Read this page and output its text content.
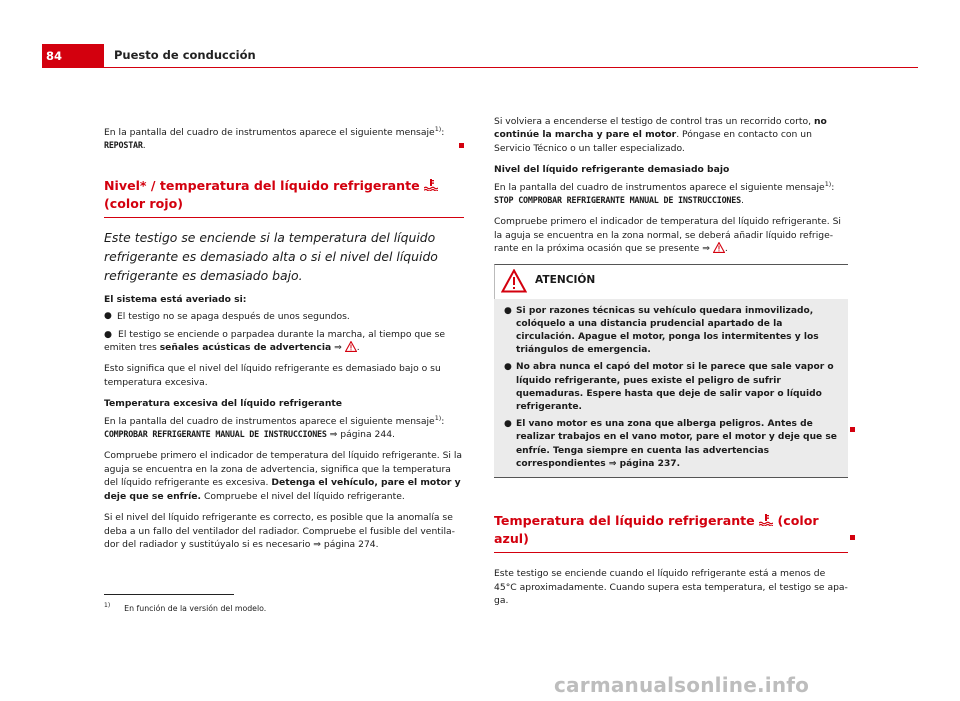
84	Puesto de conducción

En la pantalla del cuadro de instrumentos aparece el siguiente mensaje$^{1)}$:
REPOSTAR.

Nivel* / temperatura del líquido refrigerante  (color rojo)

Este testigo se enciende si la temperatura del líquido refrigerante es demasiado alta o si el nivel del líquido refrigerante es demasiado bajo.

El sistema está averiado si:

● El testigo no se apaga después de unos segundos.

● El testigo se enciende o parpadea durante la marcha, al tiempo que se emiten tres señales acústicas de advertencia ⇒ .

Esto significa que el nivel del líquido refrigerante es demasiado bajo o su temperatura excesiva.

Temperatura excesiva del líquido refrigerante

En la pantalla del cuadro de instrumentos aparece el siguiente mensaje$^{1)}$:
COMPROBAR REFRIGERANTE MANUAL DE INSTRUCCIONES ⇒ página 244.

Compruebe primero el indicador de temperatura del líquido refrigerante. Si la aguja se encuentra en la zona de advertencia, significa que la temperatura del líquido refrigerante es excesiva. Detenga el vehículo, pare el motor y deje que se enfríe. Compruebe el nivel del líquido refrigerante.

Si el nivel del líquido refrigerante es correcto, es posible que la anomalía se deba a un fallo del ventilador del radiador. Compruebe el fusible del ventilador del radiador y sustitúyalo si es necesario ⇒ página 274.

Si volviera a encenderse el testigo de control tras un recorrido corto, no continúe la marcha y pare el motor. Póngase en contacto con un Servicio Técnico o un taller especializado.

Nivel del líquido refrigerante demasiado bajo

En la pantalla del cuadro de instrumentos aparece el siguiente mensaje$^{1)}$:
STOP COMPROBAR REFRIGERANTE MANUAL DE INSTRUCCIONES.

Compruebe primero el indicador de temperatura del líquido refrigerante. Si la aguja se encuentra en la zona normal, se deberá añadir líquido refrigerante en la próxima ocasión que se presente ⇒ .

ATENCIÓN

● Si por razones técnicas su vehículo quedara inmovilizado, colóquelo a una distancia prudencial apartado de la circulación. Apague el motor, ponga los intermitentes y los triángulos de emergencia.

● No abra nunca el capó del motor si le parece que sale vapor o líquido refrigerante, pues existe el peligro de sufrir quemaduras. Espere hasta que deje de salir vapor o líquido refrigerante.

● El vano motor es una zona que alberga peligros. Antes de realizar trabajos en el vano motor, pare el motor y deje que se enfríe. Tenga siempre en cuenta las advertencias correspondientes ⇒ página 237.

Temperatura del líquido refrigerante (color azul)

Este testigo se enciende cuando el líquido refrigerante está a menos de 45°C aproximadamente. Cuando supera esta temperatura, el testigo se apaga.

$^{1)}$ En función de la versión del modelo.
carmanualsonline.info
